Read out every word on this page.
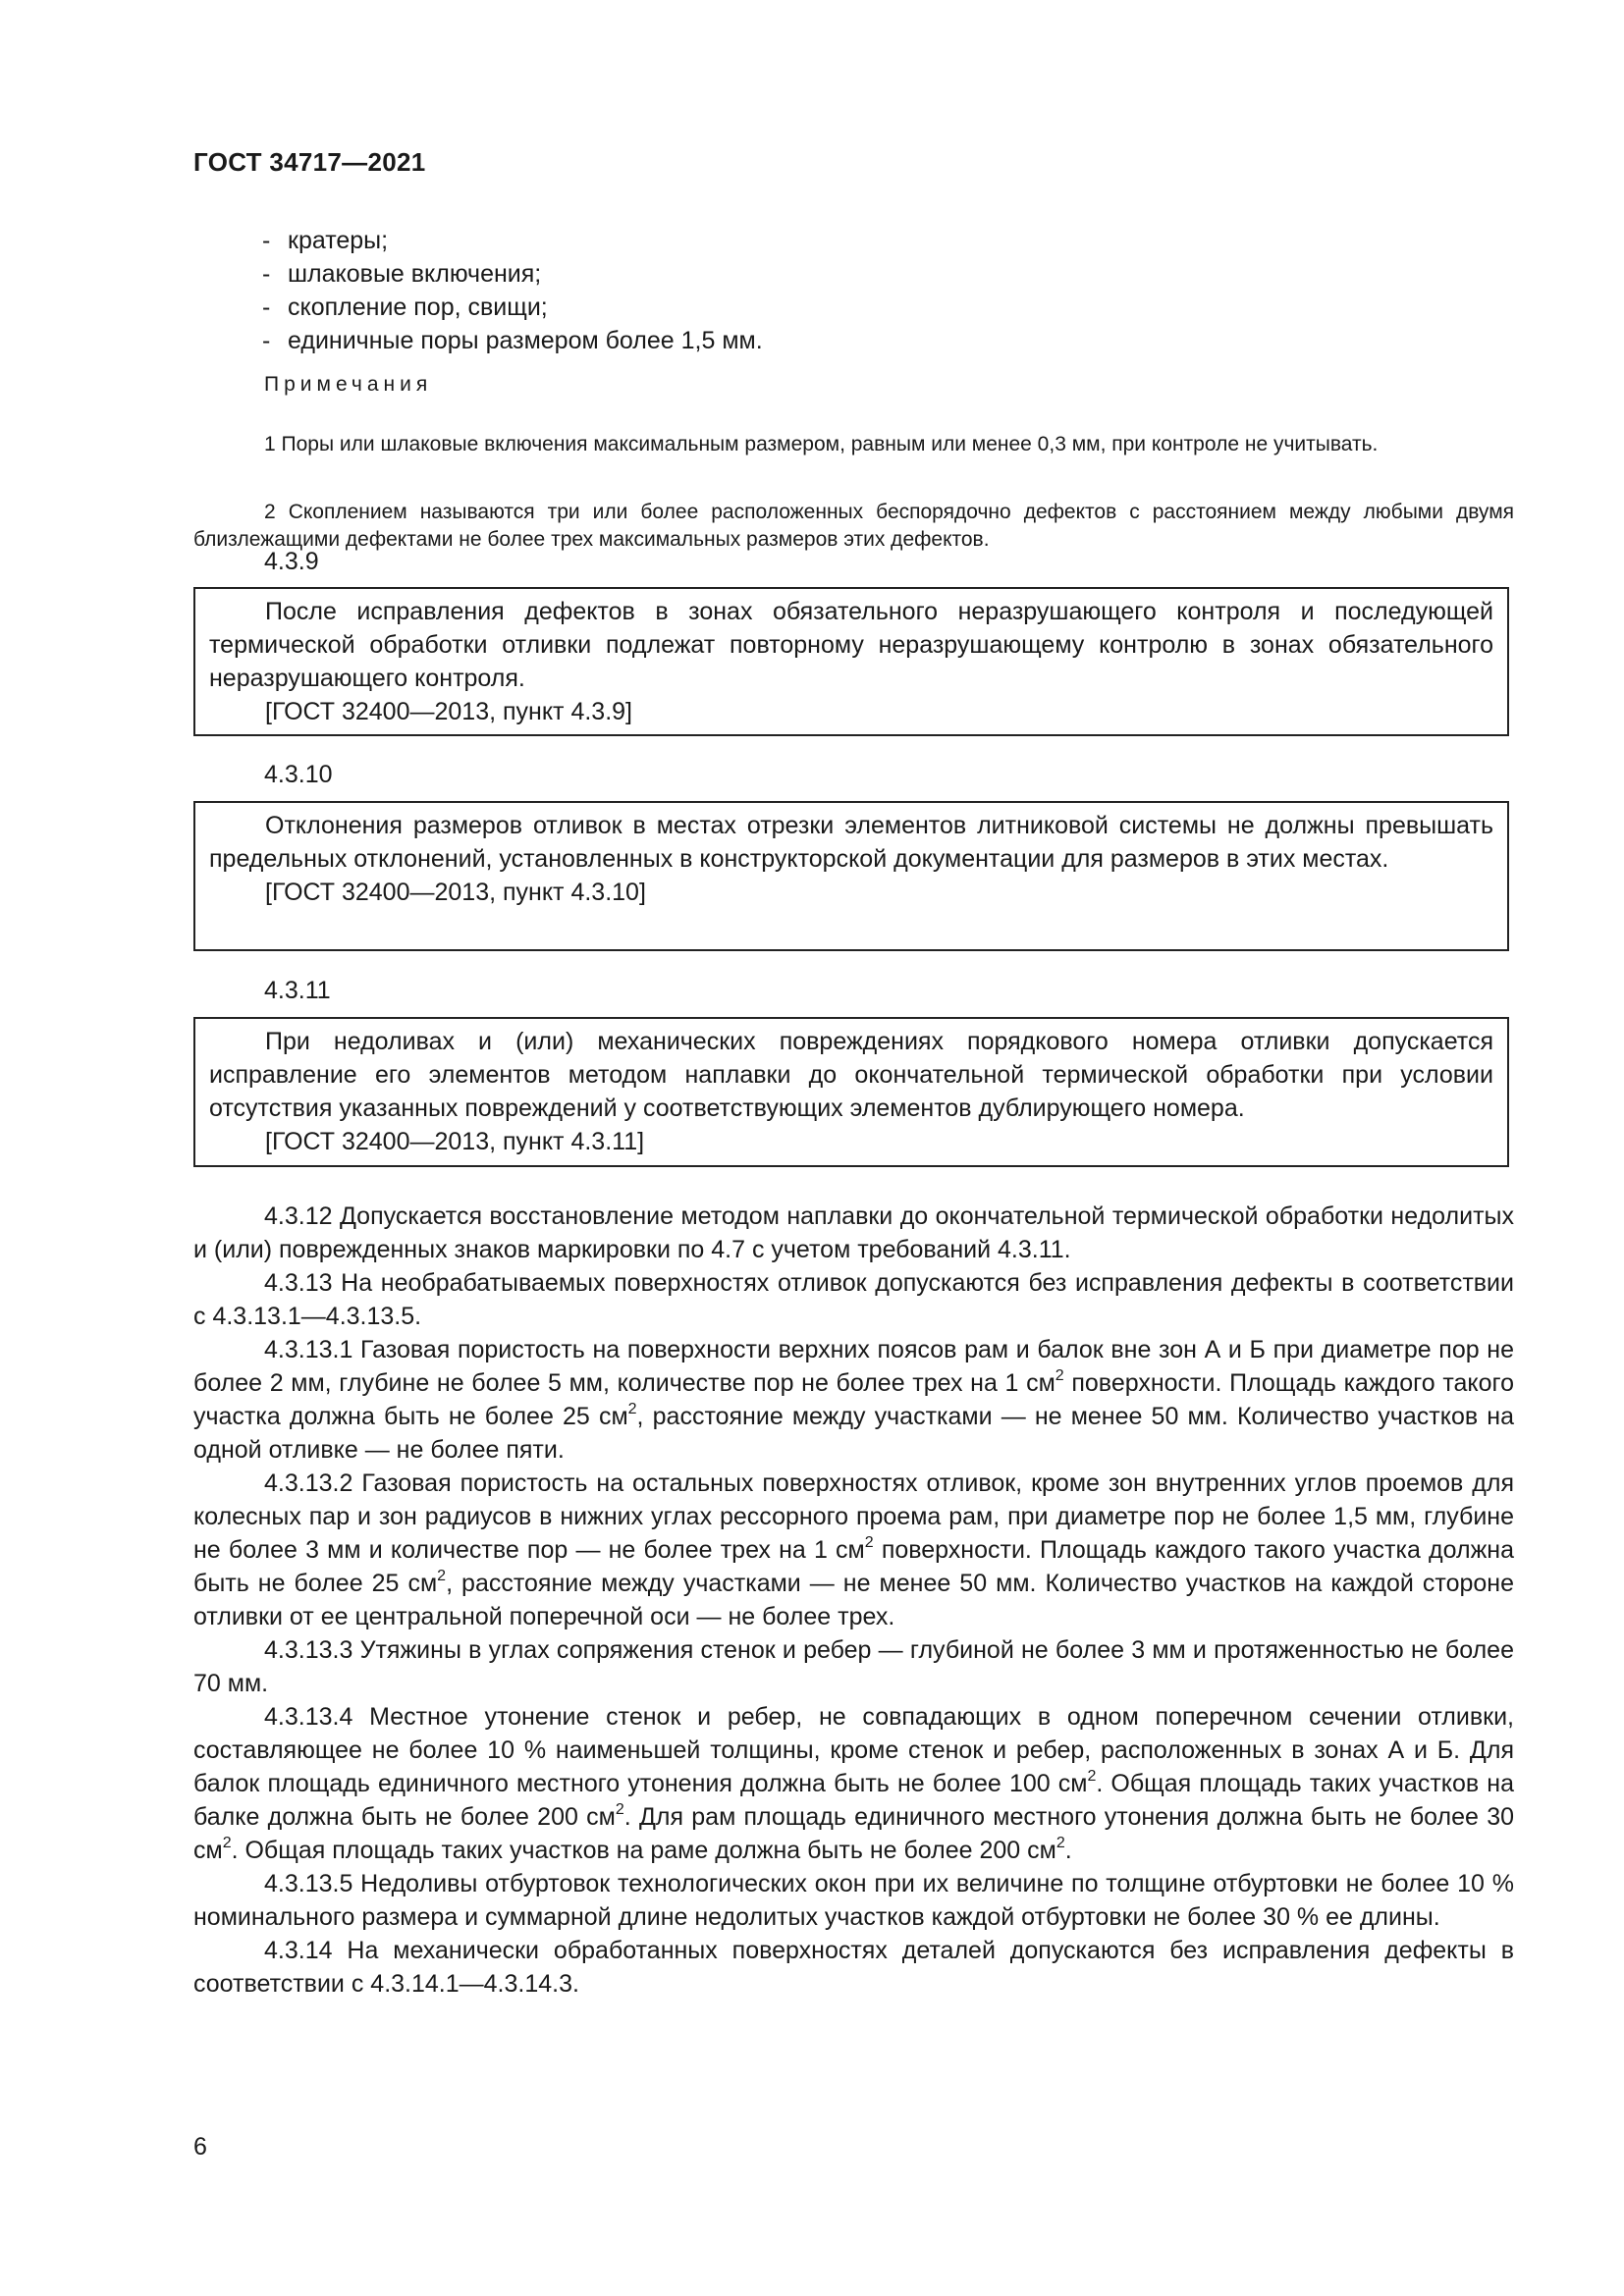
ГОСТ 34717—2021
- кратеры;
- шлаковые включения;
- скопление пор, свищи;
- единичные поры размером более 1,5 мм.
Примечания

1 Поры или шлаковые включения максимальным размером, равным или менее 0,3 мм, при контроле не учитывать.

2 Скоплением называются три или более расположенных беспорядочно дефектов с расстоянием между любыми двумя близлежащими дефектами не более трех максимальных размеров этих дефектов.

4.3.9

После исправления дефектов в зонах обязательного неразрушающего контроля и последующей термической обработки отливки подлежат повторному неразрушающему контролю в зонах обязательного неразрушающего контроля.

[ГОСТ 32400—2013, пункт 4.3.9]

4.3.10

Отклонения размеров отливок в местах отрезки элементов литниковой системы не должны превышать предельных отклонений, установленных в конструкторской документации для размеров в этих местах.

[ГОСТ 32400—2013, пункт 4.3.10]

4.3.11

При недоливах и (или) механических повреждениях порядкового номера отливки допускается исправление его элементов методом наплавки до окончательной термической обработки при условии отсутствия указанных повреждений у соответствующих элементов дублирующего номера.

[ГОСТ 32400—2013, пункт 4.3.11]

4.3.12 Допускается восстановление методом наплавки до окончательной термической обработки недолитых и (или) поврежденных знаков маркировки по 4.7 с учетом требований 4.3.11.

4.3.13 На необрабатываемых поверхностях отливок допускаются без исправления дефекты в соответствии с 4.3.13.1—4.3.13.5.

4.3.13.1 Газовая пористость на поверхности верхних поясов рам и балок вне зон А и Б при диаметре пор не более 2 мм, глубине не более 5 мм, количестве пор не более трех на 1 $см^2$ поверхности. Площадь каждого такого участка должна быть не более 25 $см^2$, расстояние между участками — не менее 50 мм. Количество участков на одной отливке — не более пяти.

4.3.13.2 Газовая пористость на остальных поверхностях отливок, кроме зон внутренних углов проемов для колесных пар и зон радиусов в нижних углах рессорного проема рам, при диаметре пор не более 1,5 мм, глубине не более 3 мм и количестве пор — не более трех на 1 $см^2$ поверхности. Площадь каждого такого участка должна быть не более 25 $см^2$, расстояние между участками — не менее 50 мм. Количество участков на каждой стороне отливки от ее центральной поперечной оси — не более трех.

4.3.13.3 Утяжины в углах сопряжения стенок и ребер — глубиной не более 3 мм и протяженностью не более 70 мм.

4.3.13.4 Местное утонение стенок и ребер, не совпадающих в одном поперечном сечении отливки, составляющее не более 10 % наименьшей толщины, кроме стенок и ребер, расположенных в зонах А и Б. Для балок площадь единичного местного утонения должна быть не более 100 $см^2$. Общая площадь таких участков на балке должна быть не более 200 $см^2$. Для рам площадь единичного местного утонения должна быть не более 30 $см^2$. Общая площадь таких участков на раме должна быть не более 200 $см^2$.

4.3.13.5 Недоливы отбуртовок технологических окон при их величине по толщине отбуртовки не более 10 % номинального размера и суммарной длине недолитых участков каждой отбуртовки не более 30 % ее длины.

4.3.14 На механически обработанных поверхностях деталей допускаются без исправления дефекты в соответствии с 4.3.14.1—4.3.14.3.

6
